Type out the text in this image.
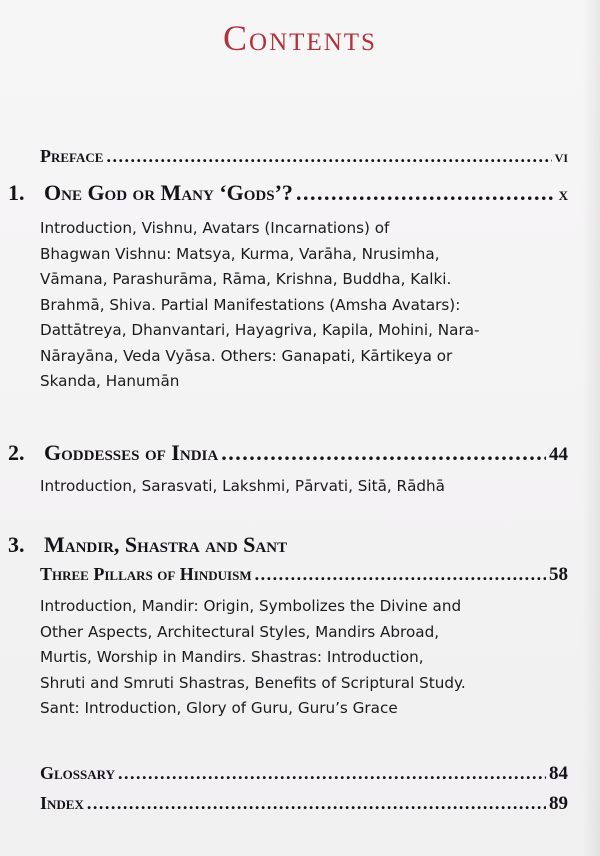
Contents
Preface .....	vi
1. One God or Many ‘Gods’? .....	x
Introduction, Vishnu, Avatars (Incarnations) of
Bhagwan Vishnu: Matsya, Kurma, Varāha, Nrusimha,
Vāmana, Parashurāma, Rāma, Krishna, Buddha, Kalki.
Brahmā, Shiva. Partial Manifestations (Amsha Avatars):
Dattātreya, Dhanvantari, Hayagriva, Kapila, Mohini, Nara-
Nārayāna, Veda Vyāsa. Others: Ganapati, Kārtikeya or
Skanda, Hanumān
2. Goddesses of India .....	44
Introduction, Sarasvati, Lakshmi, Pārvati, Sitā, Rādhā
3. Mandir, Shastra and Sant
Three Pillars of Hinduism .....	58
Introduction, Mandir: Origin, Symbolizes the Divine and
Other Aspects, Architectural Styles, Mandirs Abroad,
Murtis, Worship in Mandirs. Shastras: Introduction,
Shruti and Smruti Shastras, Benefits of Scriptural Study.
Sant: Introduction, Glory of Guru, Guru’s Grace
Glossary .....	84
Index .....	89
